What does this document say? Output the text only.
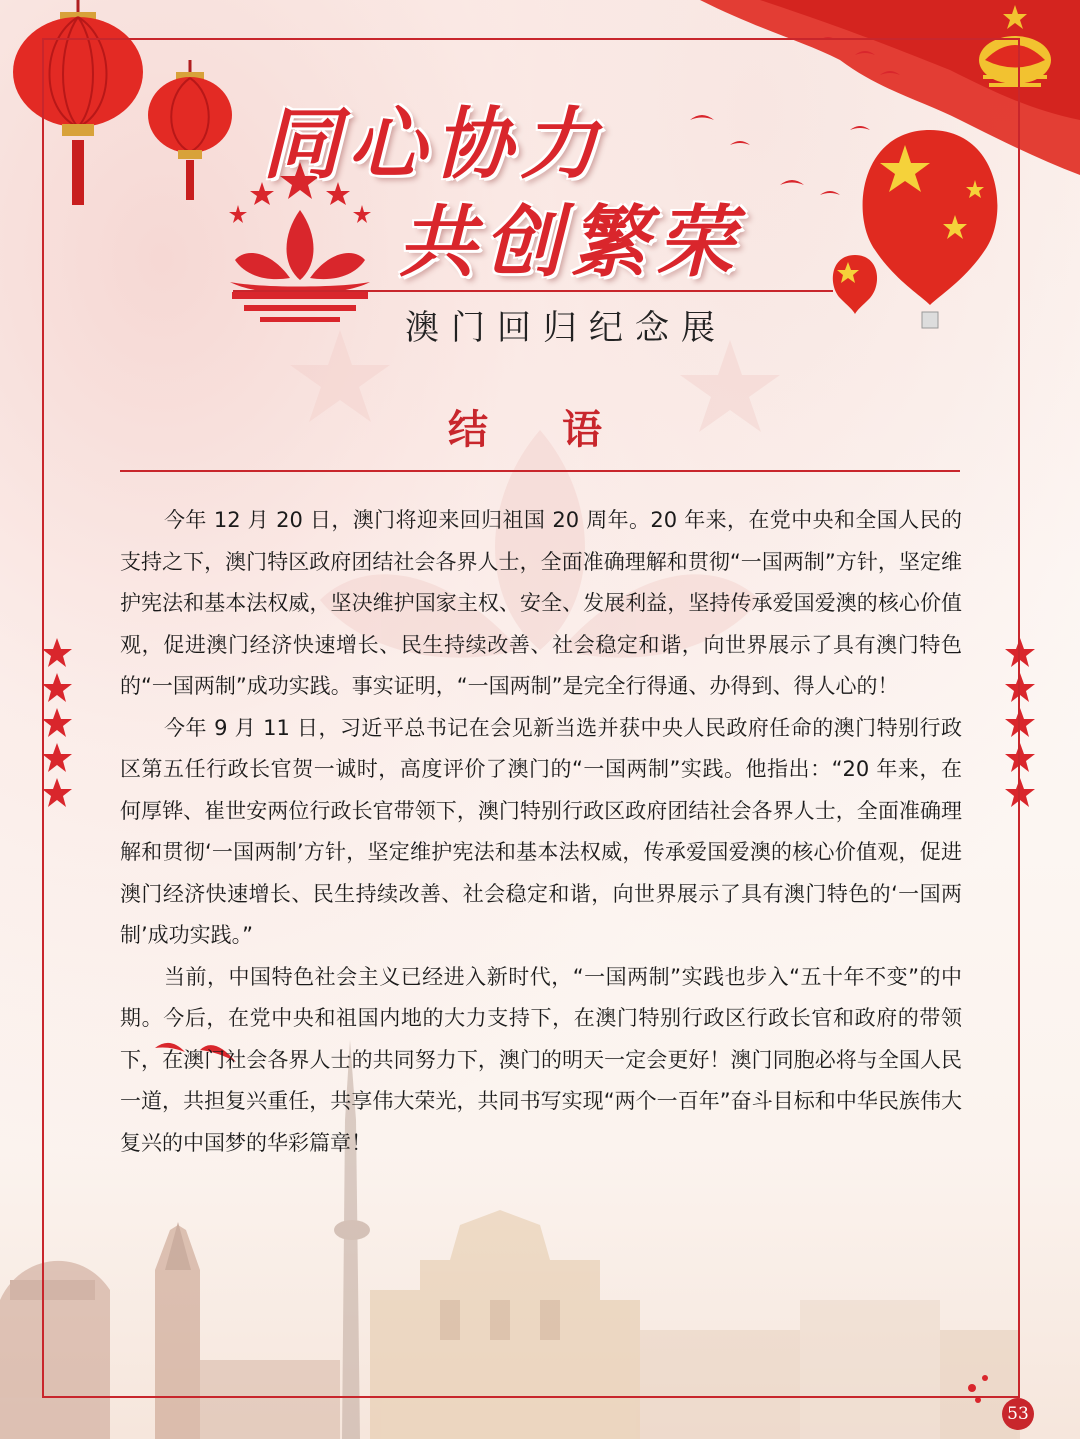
同心协力
共创繁荣
澳门回归纪念展
结 语

今年 12 月 20 日，澳门将迎来回归祖国 20 周年。20 年来，在党中央和全国人民的支持之下，澳门特区政府团结社会各界人士，全面准确理解和贯彻“一国两制”方针，坚定维护宪法和基本法权威，坚决维护国家主权、安全、发展利益，坚持传承爱国爱澳的核心价值观，促进澳门经济快速增长、民生持续改善、社会稳定和谐，向世界展示了具有澳门特色的“一国两制”成功实践。事实证明，“一国两制”是完全行得通、办得到、得人心的！

今年 9 月 11 日，习近平总书记在会见新当选并获中央人民政府任命的澳门特别行政区第五任行政长官贺一诚时，高度评价了澳门的“一国两制”实践。他指出：“20 年来，在何厚铧、崔世安两位行政长官带领下，澳门特别行政区政府团结社会各界人士，全面准确理解和贯彻‘一国两制’方针，坚定维护宪法和基本法权威，传承爱国爱澳的核心价值观，促进澳门经济快速增长、民生持续改善、社会稳定和谐，向世界展示了具有澳门特色的‘一国两制’成功实践。”

当前，中国特色社会主义已经进入新时代，“一国两制”实践也步入“五十年不变”的中期。今后，在党中央和祖国内地的大力支持下，在澳门特别行政区行政长官和政府的带领下，在澳门社会各界人士的共同努力下，澳门的明天一定会更好！澳门同胞必将与全国人民一道，共担复兴重任，共享伟大荣光，共同书写实现“两个一百年”奋斗目标和中华民族伟大复兴的中国梦的华彩篇章！

53
